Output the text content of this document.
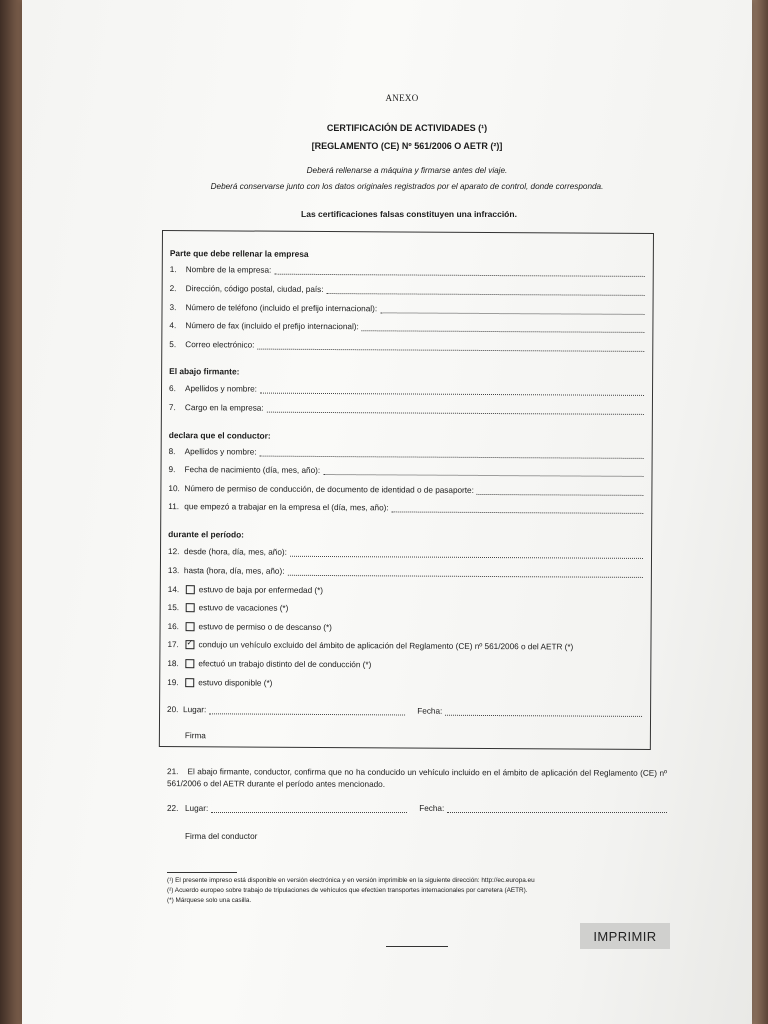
ANEXO
CERTIFICACIÓN DE ACTIVIDADES (¹)
[REGLAMENTO (CE) Nº 561/2006 O AETR (²)]
Deberá rellenarse a máquina y firmarse antes del viaje.
Deberá conservarse junto con los datos originales registrados por el aparato de control, donde corresponda.
Las certificaciones falsas constituyen una infracción.
Parte que debe rellenar la empresa
1.	Nombre de la empresa:
2.	Dirección, código postal, ciudad, país:
3.	Número de teléfono (incluido el prefijo internacional):
4.	Número de fax (incluido el prefijo internacional):
5.	Correo electrónico:
El abajo firmante:
6.	Apellidos y nombre:
7.	Cargo en la empresa:
declara que el conductor:
8.	Apellidos y nombre:
9.	Fecha de nacimiento (día, mes, año):
10. Número de permiso de conducción, de documento de identidad o de pasaporte:
11. que empezó a trabajar en la empresa el (día, mes, año):
durante el período:
12. desde (hora, día, mes, año):
13. hasta (hora, día, mes, año):
14.	estuvo de baja por enfermedad (*)
15.	estuvo de vacaciones (*)
16.	estuvo de permiso o de descanso (*)
17.
✓	condujo un vehículo excluido del ámbito de aplicación del Reglamento (CE) nº 561/2006 o del AETR (*)
18.	efectuó un trabajo distinto del de conducción (*)
19.	estuvo disponible (*)
20. Lugar:	Fecha:
Firma
21. El abajo firmante, conductor, confirma que no ha conducido un vehículo incluido en el ámbito de aplicación del Reglamento (CE) nº 561/2006 o del AETR durante el período antes mencionado.
22. Lugar:	Fecha:
Firma del conductor
(¹) El presente impreso está disponible en versión electrónica y en versión imprimible en la siguiente dirección: http://ec.europa.eu
(²) Acuerdo europeo sobre trabajo de tripulaciones de vehículos que efectúen transportes internacionales por carretera (AETR).
(*) Márquese solo una casilla.
IMPRIMIR
